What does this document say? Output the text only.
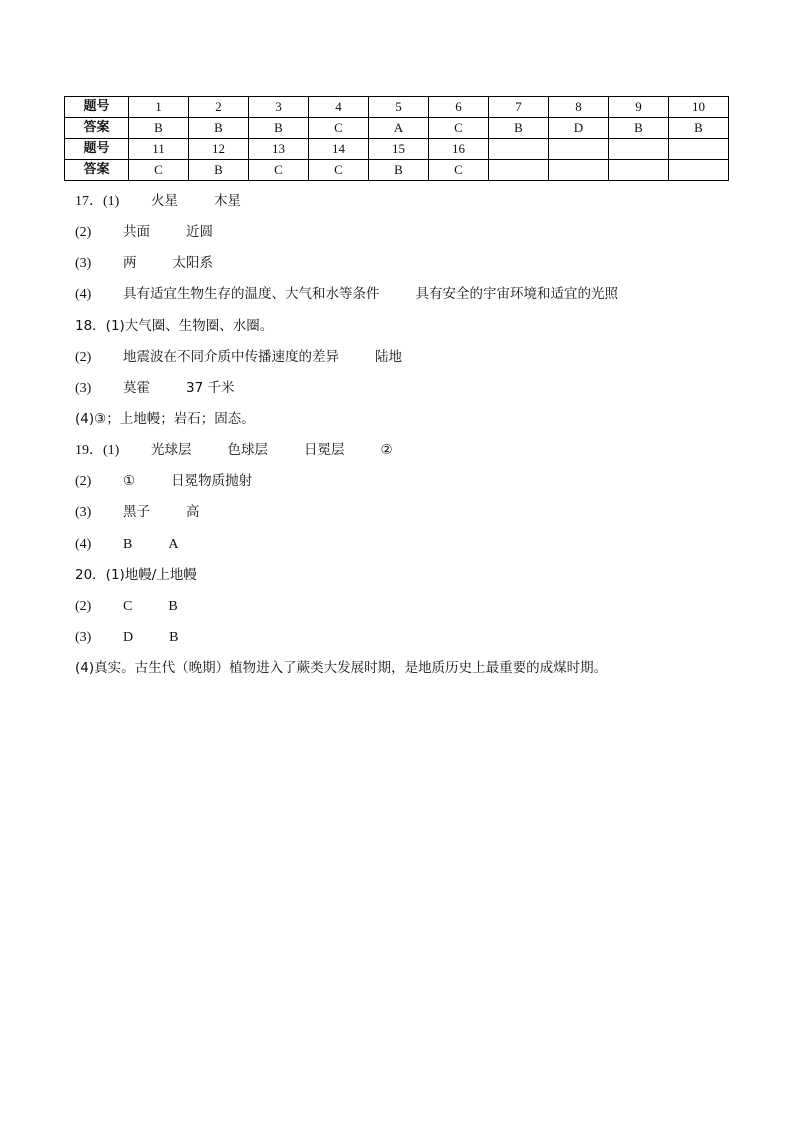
题号	1	2	3	4	5	6	7	8	9	10
答案	B	B	B	C	A	C	B	D	B	B
题号	11	12	13	14	15	16				
答案	C	B	C	C	B	C				
17．(1) 火星	木星
(2) 共面	近圆
(3) 两	太阳系
(4) 具有适宜生物生存的温度、大气和水等条件	具有安全的宇宙环境和适宜的光照
18．(1)大气圈、生物圈、水圈。
(2) 地震波在不同介质中传播速度的差异	陆地
(3) 莫霍	37 千米
(4)③；上地幔；岩石；固态。
19．(1) 光球层	色球层	日冕层	②
(2) ①	日冕物质抛射
(3) 黑子	高
(4) B	A
20．(1)地幔/上地幔
(2) C	B
(3) D	B
(4)真实。古生代（晚期）植物进入了蕨类大发展时期，是地质历史上最重要的成煤时期。
